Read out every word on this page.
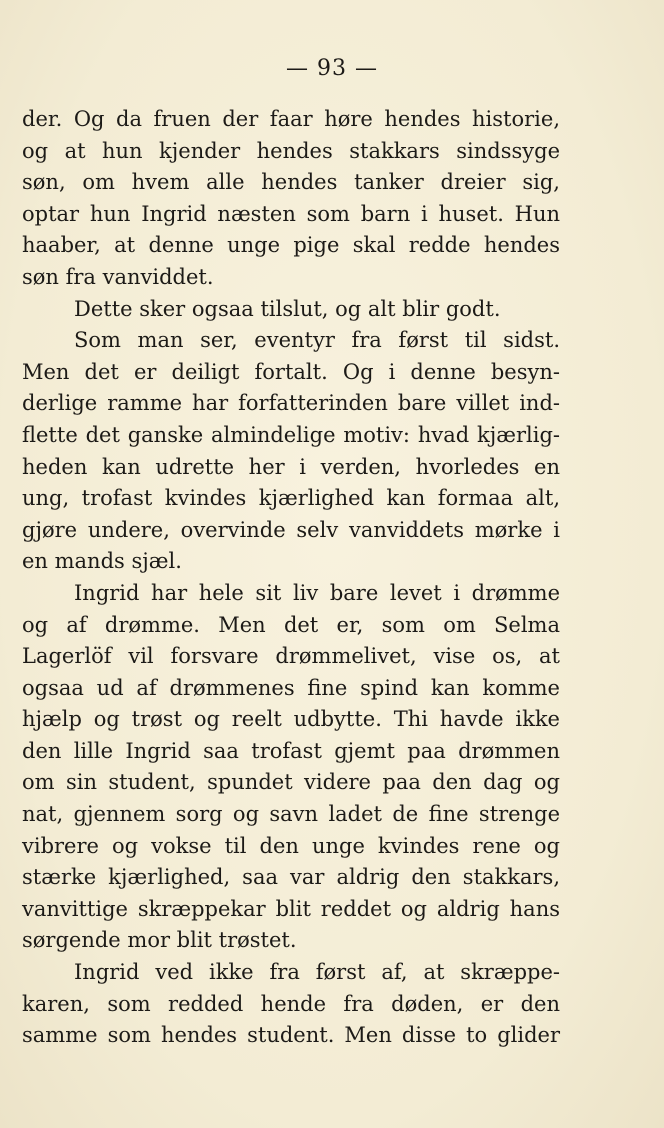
— 93 —
der. Og da fruen der faar høre hendes historie,
og at hun kjender hendes stakkars sindssyge
søn, om hvem alle hendes tanker dreier sig,
optar hun Ingrid næsten som barn i huset. Hun
haaber, at denne unge pige skal redde hendes
søn fra vanviddet.
Dette sker ogsaa tilslut, og alt blir godt.
Som man ser, eventyr fra først til sidst.
Men det er deiligt fortalt. Og i denne besyn-
derlige ramme har forfatterinden bare villet ind-
flette det ganske almindelige motiv: hvad kjærlig-
heden kan udrette her i verden, hvorledes en
ung, trofast kvindes kjærlighed kan formaa alt,
gjøre undere, overvinde selv vanviddets mørke i
en mands sjæl.
Ingrid har hele sit liv bare levet i drømme
og af drømme. Men det er, som om Selma
Lagerlöf vil forsvare drømmelivet, vise os, at
ogsaa ud af drømmenes fine spind kan komme
hjælp og trøst og reelt udbytte. Thi havde ikke
den lille Ingrid saa trofast gjemt paa drømmen
om sin student, spundet videre paa den dag og
nat, gjennem sorg og savn ladet de fine strenge
vibrere og vokse til den unge kvindes rene og
stærke kjærlighed, saa var aldrig den stakkars,
vanvittige skræppekar blit reddet og aldrig hans
sørgende mor blit trøstet.
Ingrid ved ikke fra først af, at skræppe-
karen, som redded hende fra døden, er den
samme som hendes student. Men disse to glider
